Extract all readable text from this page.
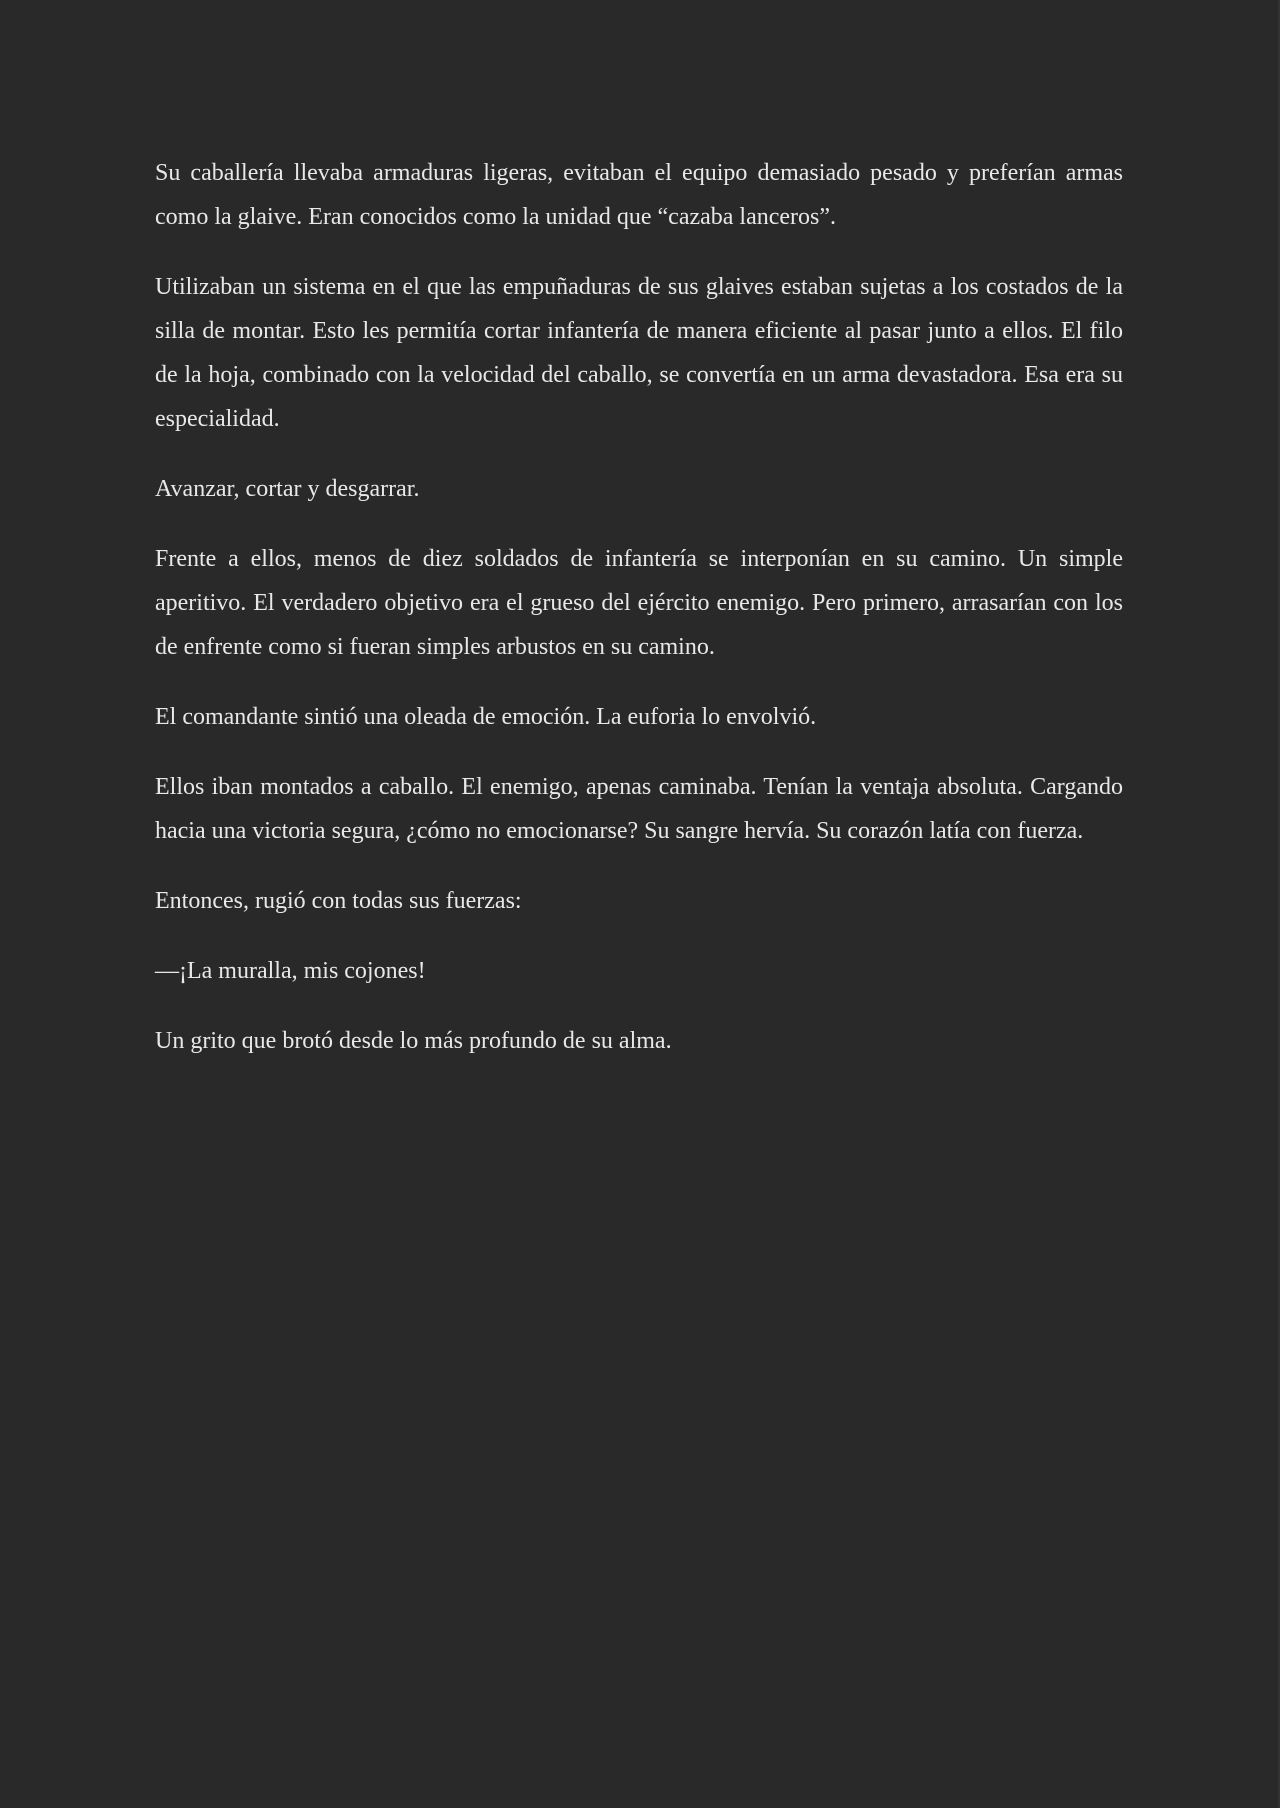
Su caballería llevaba armaduras ligeras, evitaban el equipo demasiado pesado y preferían armas como la glaive. Eran conocidos como la unidad que “cazaba lanceros”.

Utilizaban un sistema en el que las empuñaduras de sus glaives estaban sujetas a los costados de la silla de montar. Esto les permitía cortar infantería de manera eficiente al pasar junto a ellos. El filo de la hoja, combinado con la velocidad del caballo, se convertía en un arma devastadora. Esa era su especialidad.

Avanzar, cortar y desgarrar.

Frente a ellos, menos de diez soldados de infantería se interponían en su camino. Un simple aperitivo. El verdadero objetivo era el grueso del ejército enemigo. Pero primero, arrasarían con los de enfrente como si fueran simples arbustos en su camino.

El comandante sintió una oleada de emoción. La euforia lo envolvió.

Ellos iban montados a caballo. El enemigo, apenas caminaba. Tenían la ventaja absoluta. Cargando hacia una victoria segura, ¿cómo no emocionarse? Su sangre hervía. Su corazón latía con fuerza.

Entonces, rugió con todas sus fuerzas:

—¡La muralla, mis cojones!

Un grito que brotó desde lo más profundo de su alma.
